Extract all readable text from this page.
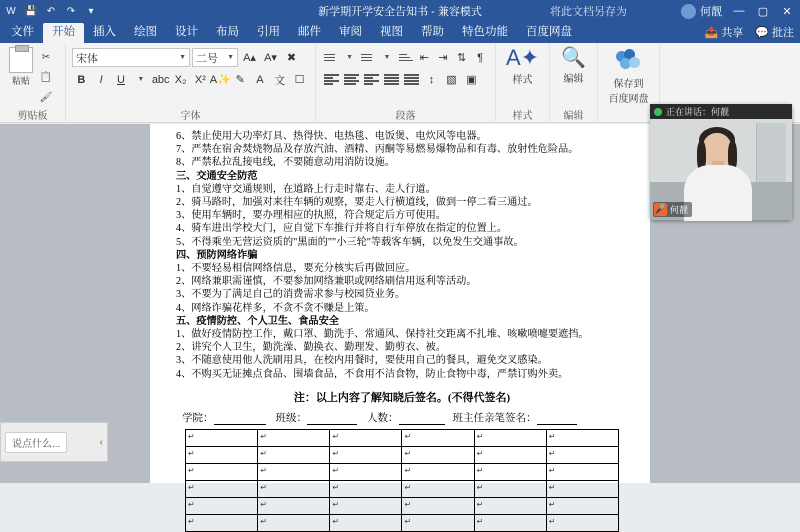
W 💾 ↶ ↷	▾	新学期开学安全告知书 - 兼容模式	将此文档另存为	何靓	—	▢	✕
文件	开始	插入	绘图	设计	布局	引用	邮件	审阅	视图	帮助	特色功能	百度网盘	📤 共享 💬 批注
粘贴
✂
📋
🖌
剪贴板
宋体	▼ 二号 ▼ A▴ A▾ ✖
B	I	U	▼ abc X₂ X² A✨ ✎	A 文 ☐
字体
▼	▼	⇤ ⇥ ⇅	¶
↕	▧ ▣
段落
A✦
样式
样式
🔍
编辑
编辑
保存到
百度网盘

6、禁止使用大功率灯具、热得快、电热毯、电饭煲、电炊风等电器。

7、严禁在宿舍焚烧物品及存放汽油、酒精、丙酮等易燃易爆物品和有毒、放射性危险品。

8、严禁私拉乱接电线，不要随意动用消防设施。

三、交通安全防范

1、自觉遵守交通规则，在道路上行走时靠右、走人行道。

2、骑马路时，加强对来往车辆的观察，要走人行横道线，做到一停二看三通过。

3、使用车辆时，要办理相应的执照，符合规定后方可使用。

4、骑车进出学校大门，应自觉下车推行并将自行车停放在指定的位置上。

5、不得乘坐无营运资质的"黑面的""小三轮"等载客车辆，以免发生交通事故。

四、预防网络诈骗

1、不要轻易相信网络信息，要充分核实后再做回应。

2、网络兼职需谨慎，不要参加网络兼职或网络刷信用返利等活动。

3、不要为了满足自己的消费需求参与校园贷业务。

4、网络诈骗花样多，不贪不贪不赚是上策。

五、疫情防控、个人卫生、食品安全

1、做好疫情防控工作，戴口罩、勤洗手、常通风、保持社交距离不扎堆、咳嗽喷嚏要遮挡。

2、讲究个人卫生，勤洗澡、勤换衣、勤理发、勤剪衣、被。

3、不随意使用他人洗刷用具，在校内用餐时，要使用自己的餐具，避免交叉感染。

4、不购买无证摊点食品、围墙食品，不食用不洁食物，防止食物中毒，严禁订购外卖。

注：以上内容了解知晓后签名。(不得代签名)
学院：

	班级：

	人数：

	班主任亲笔签名：

↵	↵	↵	↵	↵	↵
↵	↵	↵	↵	↵	↵
↵	↵	↵	↵	↵	↵
↵	↵	↵	↵	↵	↵
↵	↵	↵	↵	↵	↵
↵	↵	↵	↵	↵	↵
说点什么...	‹
正在讲话：何靓
🎤 何靓
